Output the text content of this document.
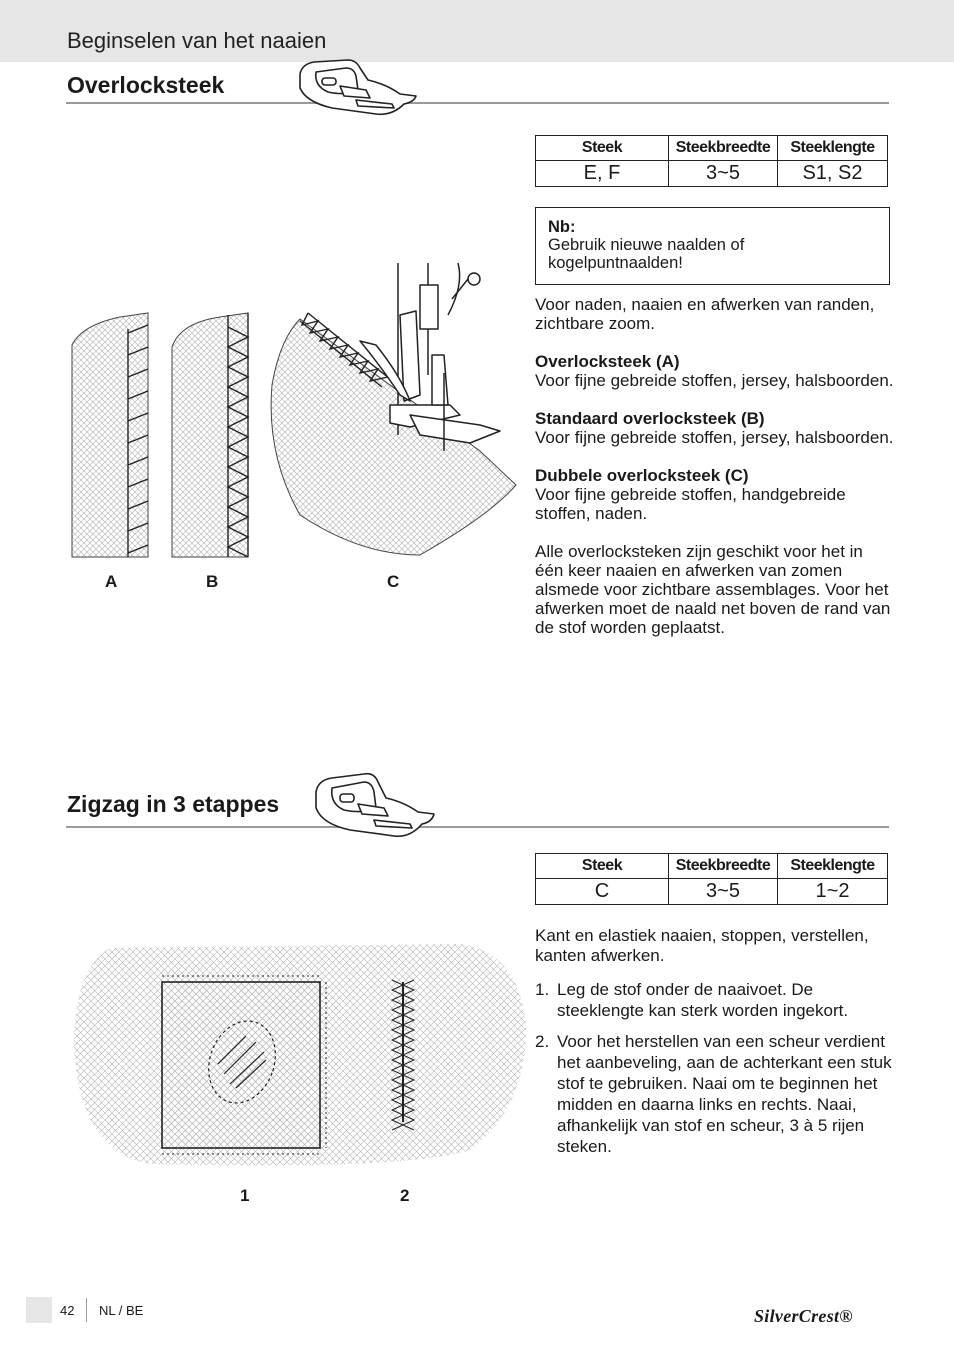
Beginselen van het naaien
Overlocksteek
Steek	Steekbreedte	Steeklengte
E, F	3~5	S1, S2
Nb:
Gebruik nieuwe naalden of kogelpuntnaalden!

Voor naden, naaien en afwerken van randen, zichtbare zoom.

Overlocksteek (A)
Voor fijne gebreide stoffen, jersey, halsboorden.

Standaard overlocksteek (B)
Voor fijne gebreide stoffen, jersey, halsboorden.

Dubbele overlocksteek (C)
Voor fijne gebreide stoffen, handgebreide stoffen, naden.

Alle overlocksteken zijn geschikt voor het in één keer naaien en afwerken van zomen alsmede voor zichtbare assemblages. Voor het afwerken moet de naald net boven de rand van de stof worden geplaatst.

A	B	C
Zigzag in 3 etappes
Steek	Steekbreedte	Steeklengte
C	3~5	1~2
Kant en elastiek naaien, stoppen, verstellen, kanten afwerken.
1. Leg de stof onder de naaivoet. De steeklengte kan sterk worden ingekort.
2. Voor het herstellen van een scheur verdient het aanbeveling, aan de achterkant een stuk stof te gebruiken. Naai om te beginnen het midden en daarna links en rechts. Naai, afhankelijk van stof en scheur, 3 à 5 rijen steken.
1	2
42 NL / BE	SilverCrest®
